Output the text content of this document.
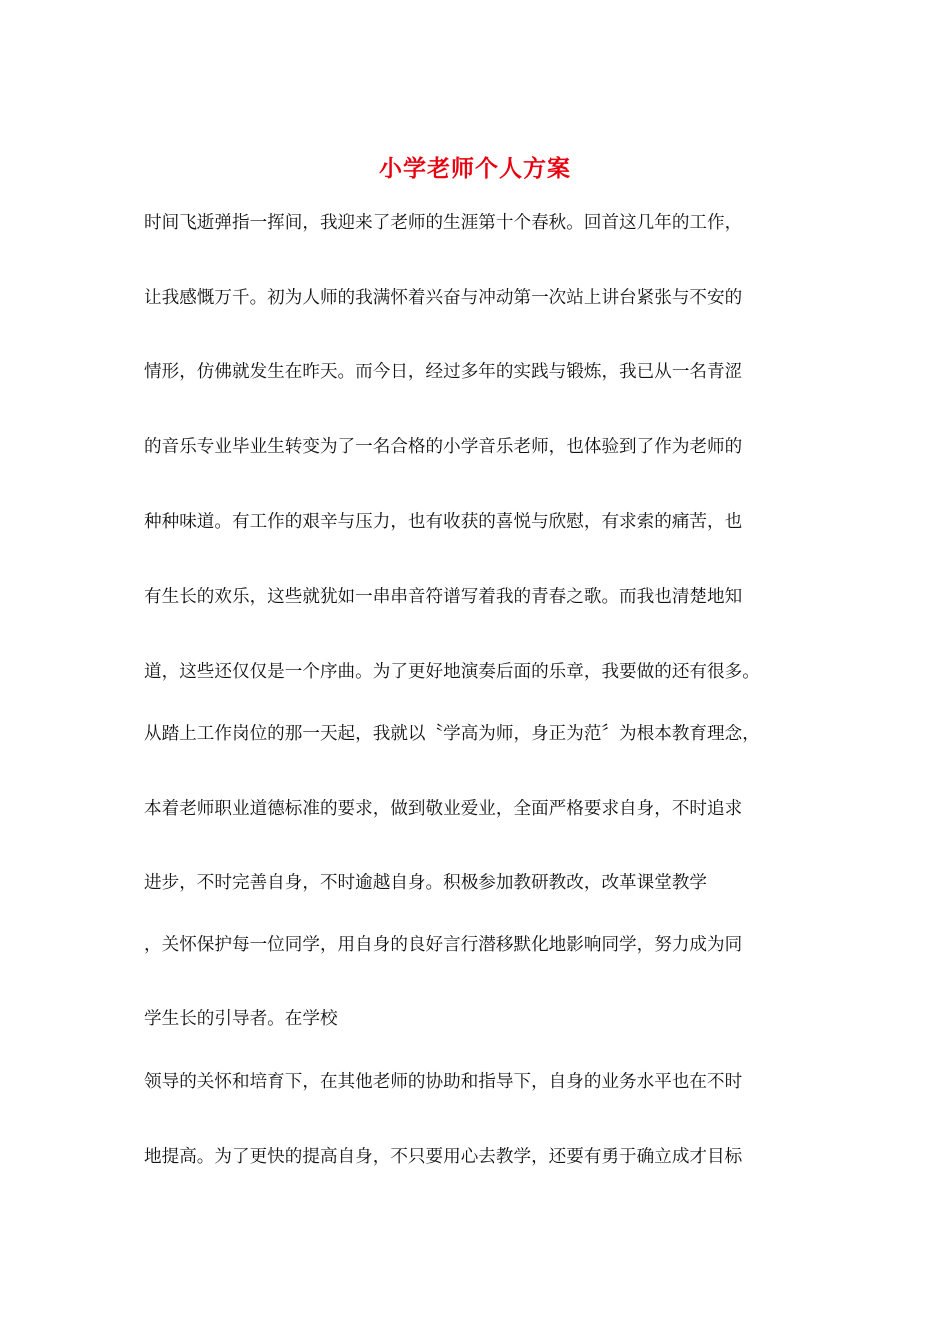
小学老师个人方案
时间飞逝弹指一挥间，我迎来了老师的生涯第十个春秋。回首这几年的工作，
让我感慨万千。初为人师的我满怀着兴奋与冲动第一次站上讲台紧张与不安的
情形，仿佛就发生在昨天。而今日，经过多年的实践与锻炼，我已从一名青涩
的音乐专业毕业生转变为了一名合格的小学音乐老师，也体验到了作为老师的
种种味道。有工作的艰辛与压力，也有收获的喜悦与欣慰，有求索的痛苦，也
有生长的欢乐，这些就犹如一串串音符谱写着我的青春之歌。而我也清楚地知
道，这些还仅仅是一个序曲。为了更好地演奏后面的乐章，我要做的还有很多。
从踏上工作岗位的那一天起，我就以〝学高为师，身正为范〞为根本教育理念，
本着老师职业道德标准的要求，做到敬业爱业，全面严格要求自身，不时追求
进步，不时完善自身，不时逾越自身。积极参加教研教改，改革课堂教学
，关怀保护每一位同学，用自身的良好言行潜移默化地影响同学，努力成为同
学生长的引导者。在学校
领导的关怀和培育下，在其他老师的协助和指导下，自身的业务水平也在不时
地提高。为了更快的提高自身，不只要用心去教学，还要有勇于确立成才目标
